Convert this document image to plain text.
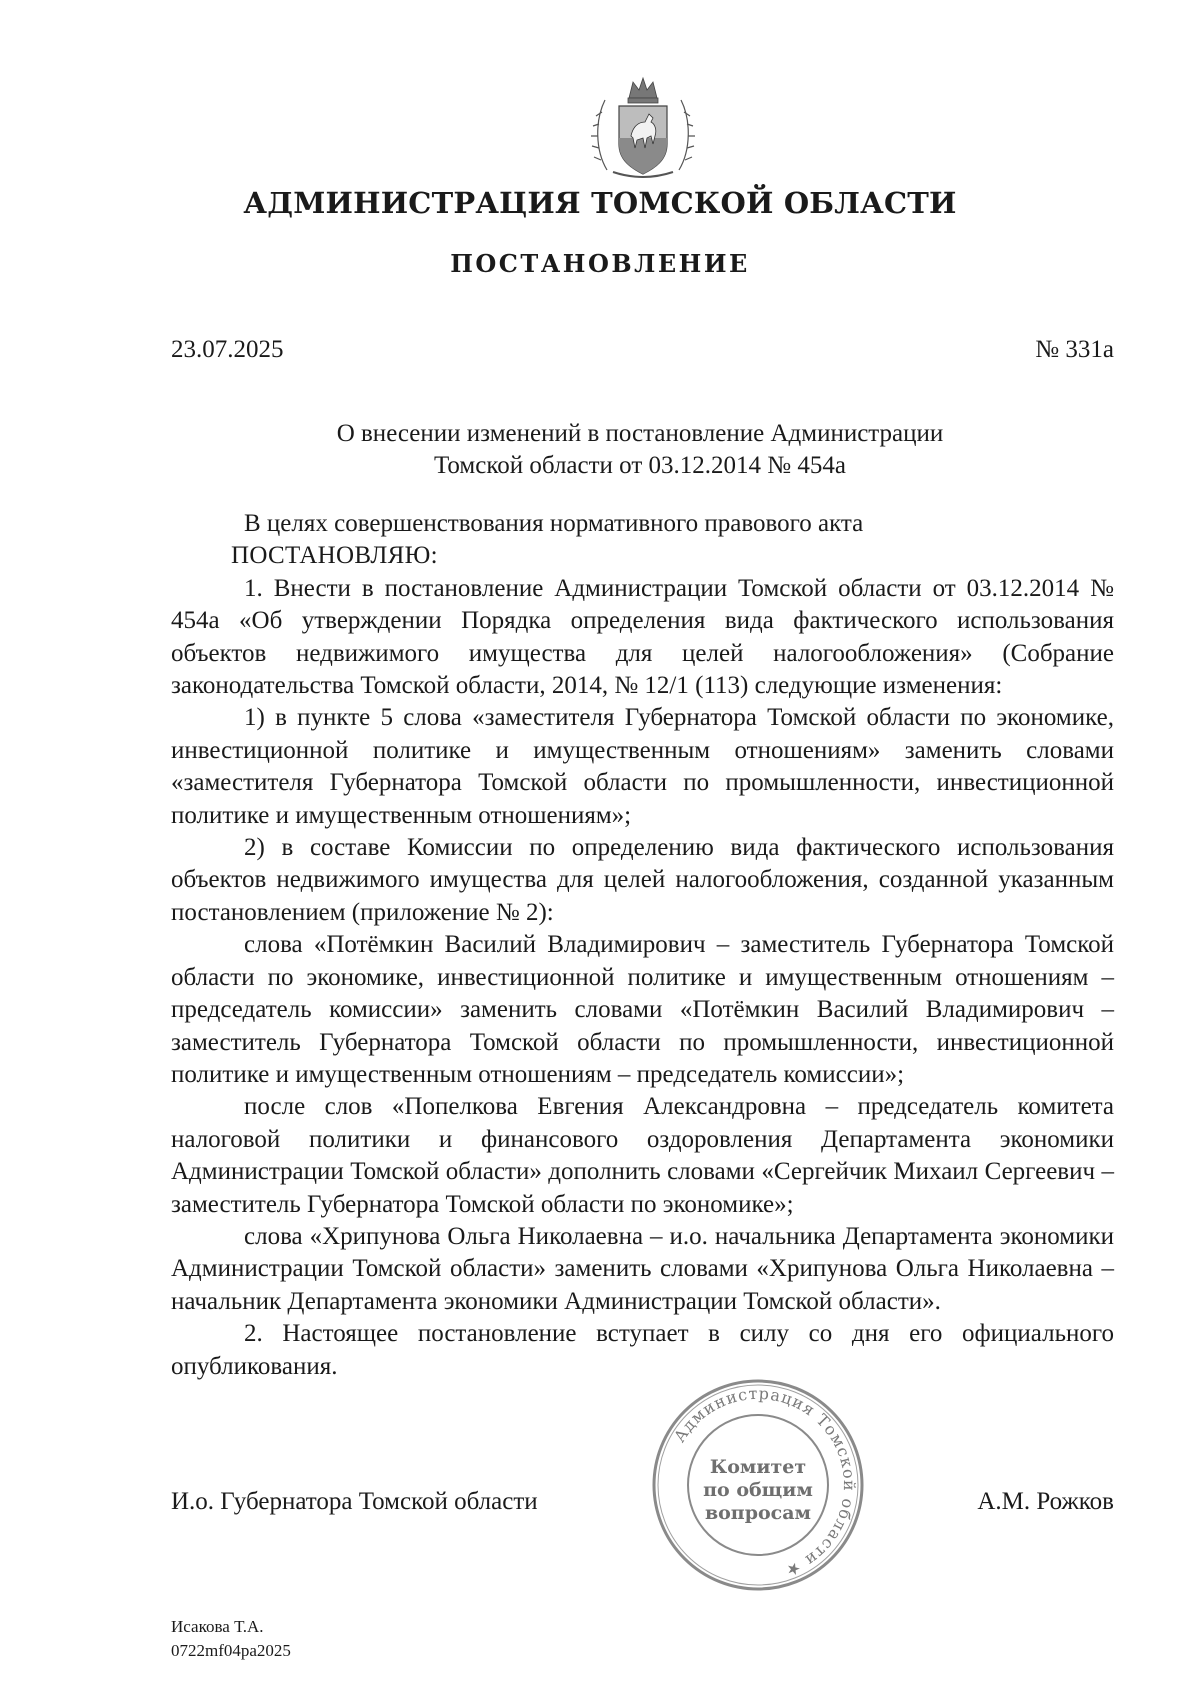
АДМИНИСТРАЦИЯ ТОМСКОЙ ОБЛАСТИ
ПОСТАНОВЛЕНИЕ
23.07.2025	№ 331а
О внесении изменений в постановление Администрации
Томской области от 03.12.2014 № 454а

В целях совершенствования нормативного правового акта

ПОСТАНОВЛЯЮ:

1. Внести в постановление Администрации Томской области от 03.12.2014 № 454а «Об утверждении Порядка определения вида фактического использования объектов недвижимого имущества для целей налогообложения» (Собрание законодательства Томской области, 2014, № 12/1 (113) следующие изменения:

1) в пункте 5 слова «заместителя Губернатора Томской области по экономике, инвестиционной политике и имущественным отношениям» заменить словами «заместителя Губернатора Томской области по промышленности, инвестиционной политике и имущественным отношениям»;

2) в составе Комиссии по определению вида фактического использования объектов недвижимого имущества для целей налогообложения, созданной указанным постановлением (приложение № 2):

слова «Потёмкин Василий Владимирович – заместитель Губернатора Томской области по экономике, инвестиционной политике и имущественным отношениям – председатель комиссии» заменить словами «Потёмкин Василий Владимирович – заместитель Губернатора Томской области по промышленности, инвестиционной политике и имущественным отношениям – председатель комиссии»;

после слов «Попелкова Евгения Александровна – председатель комитета налоговой политики и финансового оздоровления Департамента экономики Администрации Томской области» дополнить словами «Сергейчик Михаил Сергеевич – заместитель Губернатора Томской области по экономике»;

слова «Хрипунова Ольга Николаевна – и.о. начальника Департамента экономики Администрации Томской области» заменить словами «Хрипунова Ольга Николаевна – начальник Департамента экономики Администрации Томской области».

2. Настоящее постановление вступает в силу со дня его официального опубликования.

Администрация Томской области ★
Комитет
по общим
вопросам
И.о. Губернатора Томской области	А.М. Рожков
Исакова Т.А.
0722mf04pa2025
